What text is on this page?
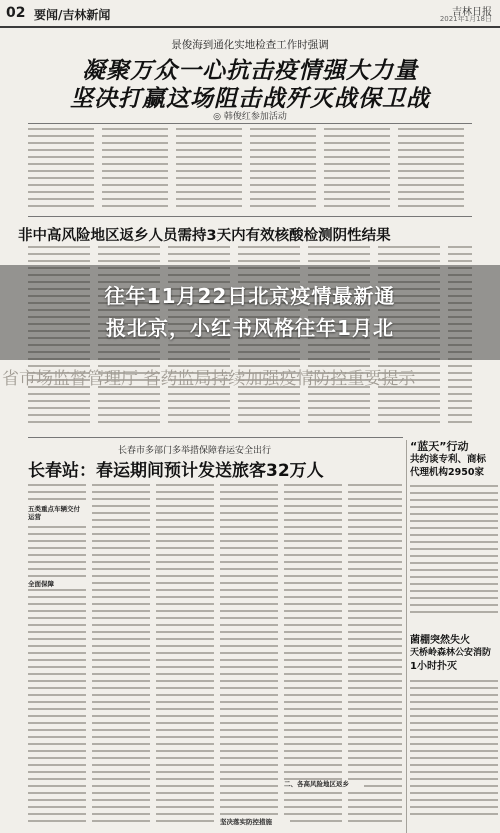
02 要闻/吉林新闻	吉林日报
2021年1月18日
景俊海到通化实地检查工作时强调
凝聚万众一心抗击疫情强大力量
坚决打赢这场阻击战歼灭战保卫战
◎ 韩俊红参加活动
非中高风险地区返乡人员需持3天内有效核酸检测阴性结果
省市场监督管理厅 省药监局持续加强疫情防控重要提示
往年11月22日北京疫情最新通
报北京，小红书风格往年1月北
长春市多部门多举措保障春运安全出行
长春站：春运期间预计发送旅客32万人
五类重点车辆交付运营
全面保障
二、各高风险地区返乡
坚决落实防控措施
“蓝天”行动
共约谈专利、商标
代理机构2950家
菌棚突然失火
天桥岭森林公安消防
1小时扑灭
